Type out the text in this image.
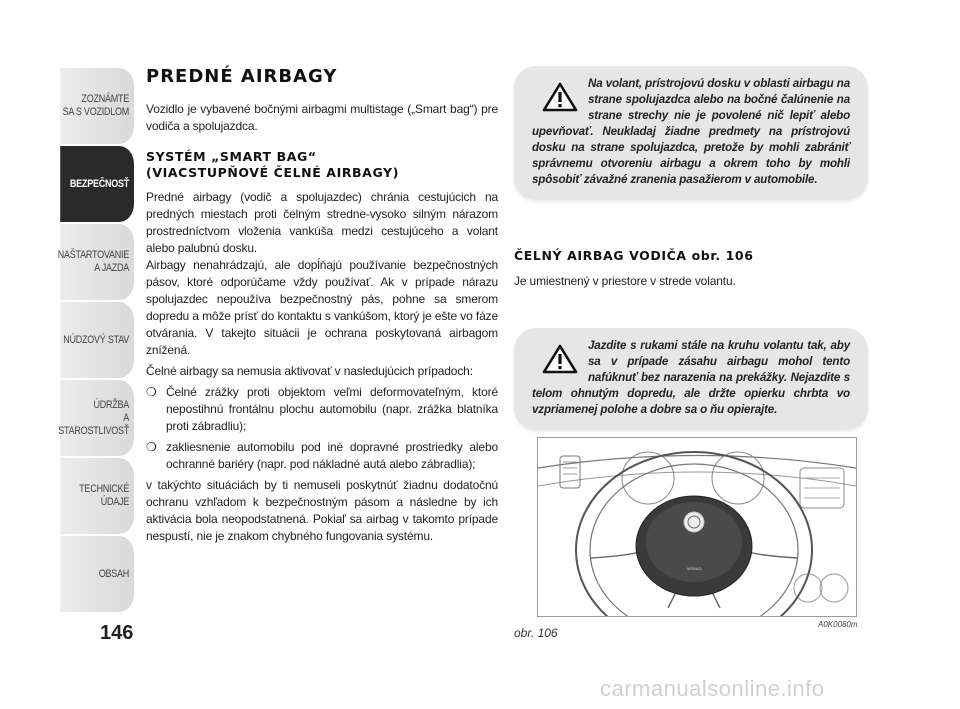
ZOZNÁMTE
SA S VOZIDLOM
BEZPEČNOSŤ
NAŠTARTOVANIE
A JAZDA
NÚDZOVÝ STAV
ÚDRŽBA
A STAROSTLIVOSŤ
TECHNICKÉ
ÚDAJE
OBSAH
146
PREDNÉ AIRBAGY

Vozidlo je vybavené bočnými airbagmi multistage („Smart bag“) pre vodiča a spolujazdca.

SYSTÉM „SMART BAG“
(VIACSTUPŇOVÉ ČELNÉ AIRBAGY)

Predné airbagy (vodič a spolujazdec) chránia cestujúcich na predných miestach proti čelným stredne-vysoko silným nárazom prostredníctvom vloženia vankúša medzi cestujúceho a volant alebo palubnú dosku.

Airbagy nenahrádzajú, ale dopĺňajú používanie bezpečnostných pásov, ktoré odporúčame vždy používať. Ak v prípade nárazu spolujazdec nepoužíva bezpečnostný pás, pohne sa smerom dopredu a môže prísť do kontaktu s vankúšom, ktorý je ešte vo fáze otvárania. V takejto situácii je ochrana poskytovaná airbagom znížená.

Čelné airbagy sa nemusia aktivovať v nasledujúcich prípadoch:

❍ Čelné zrážky proti objektom veľmi deformovateľným, ktoré nepostihnú frontálnu plochu automobilu (napr. zrážka blatníka proti zábradliu);

❍ zakliesnenie automobilu pod iné dopravné prostriedky alebo ochranné bariéry (napr. pod nákladné autá alebo zábradlia);

v takýchto situáciách by ti nemuseli poskytnúť žiadnu dodatočnú ochranu vzhľadom k bezpečnostným pásom a následne by ich aktivácia bola neopodstatnená. Pokiaľ sa airbag v takomto prípade nespustí, nie je znakom chybného fungovania systému.

Na volant, prístrojovú dosku v oblasti airbagu na strane spolujazdca alebo na bočné čalúnenie na strane strechy nie je povolené nič lepiť alebo upevňovať. Neukladaj žiadne predmety na prístrojovú dosku na strane spolujazdca, pretože by mohli zabrániť správnemu otvoreniu airbagu a okrem toho by mohli spôsobiť závažné zranenia pasažierom v automobile.

ČELNÝ AIRBAG VODIČA obr. 106

Je umiestnený v priestore v strede volantu.

Jazdite s rukami stále na kruhu volantu tak, aby sa v prípade zásahu airbagu mohol tento nafúknuť bez narazenia na prekážky. Nejazdite s telom ohnutým dopredu, ale držte opierku chrbta vo vzpriamenej polohe a dobre sa o ňu opierajte.

AIRBAG
obr. 106
A0K0080m
carmanualsonline.info
